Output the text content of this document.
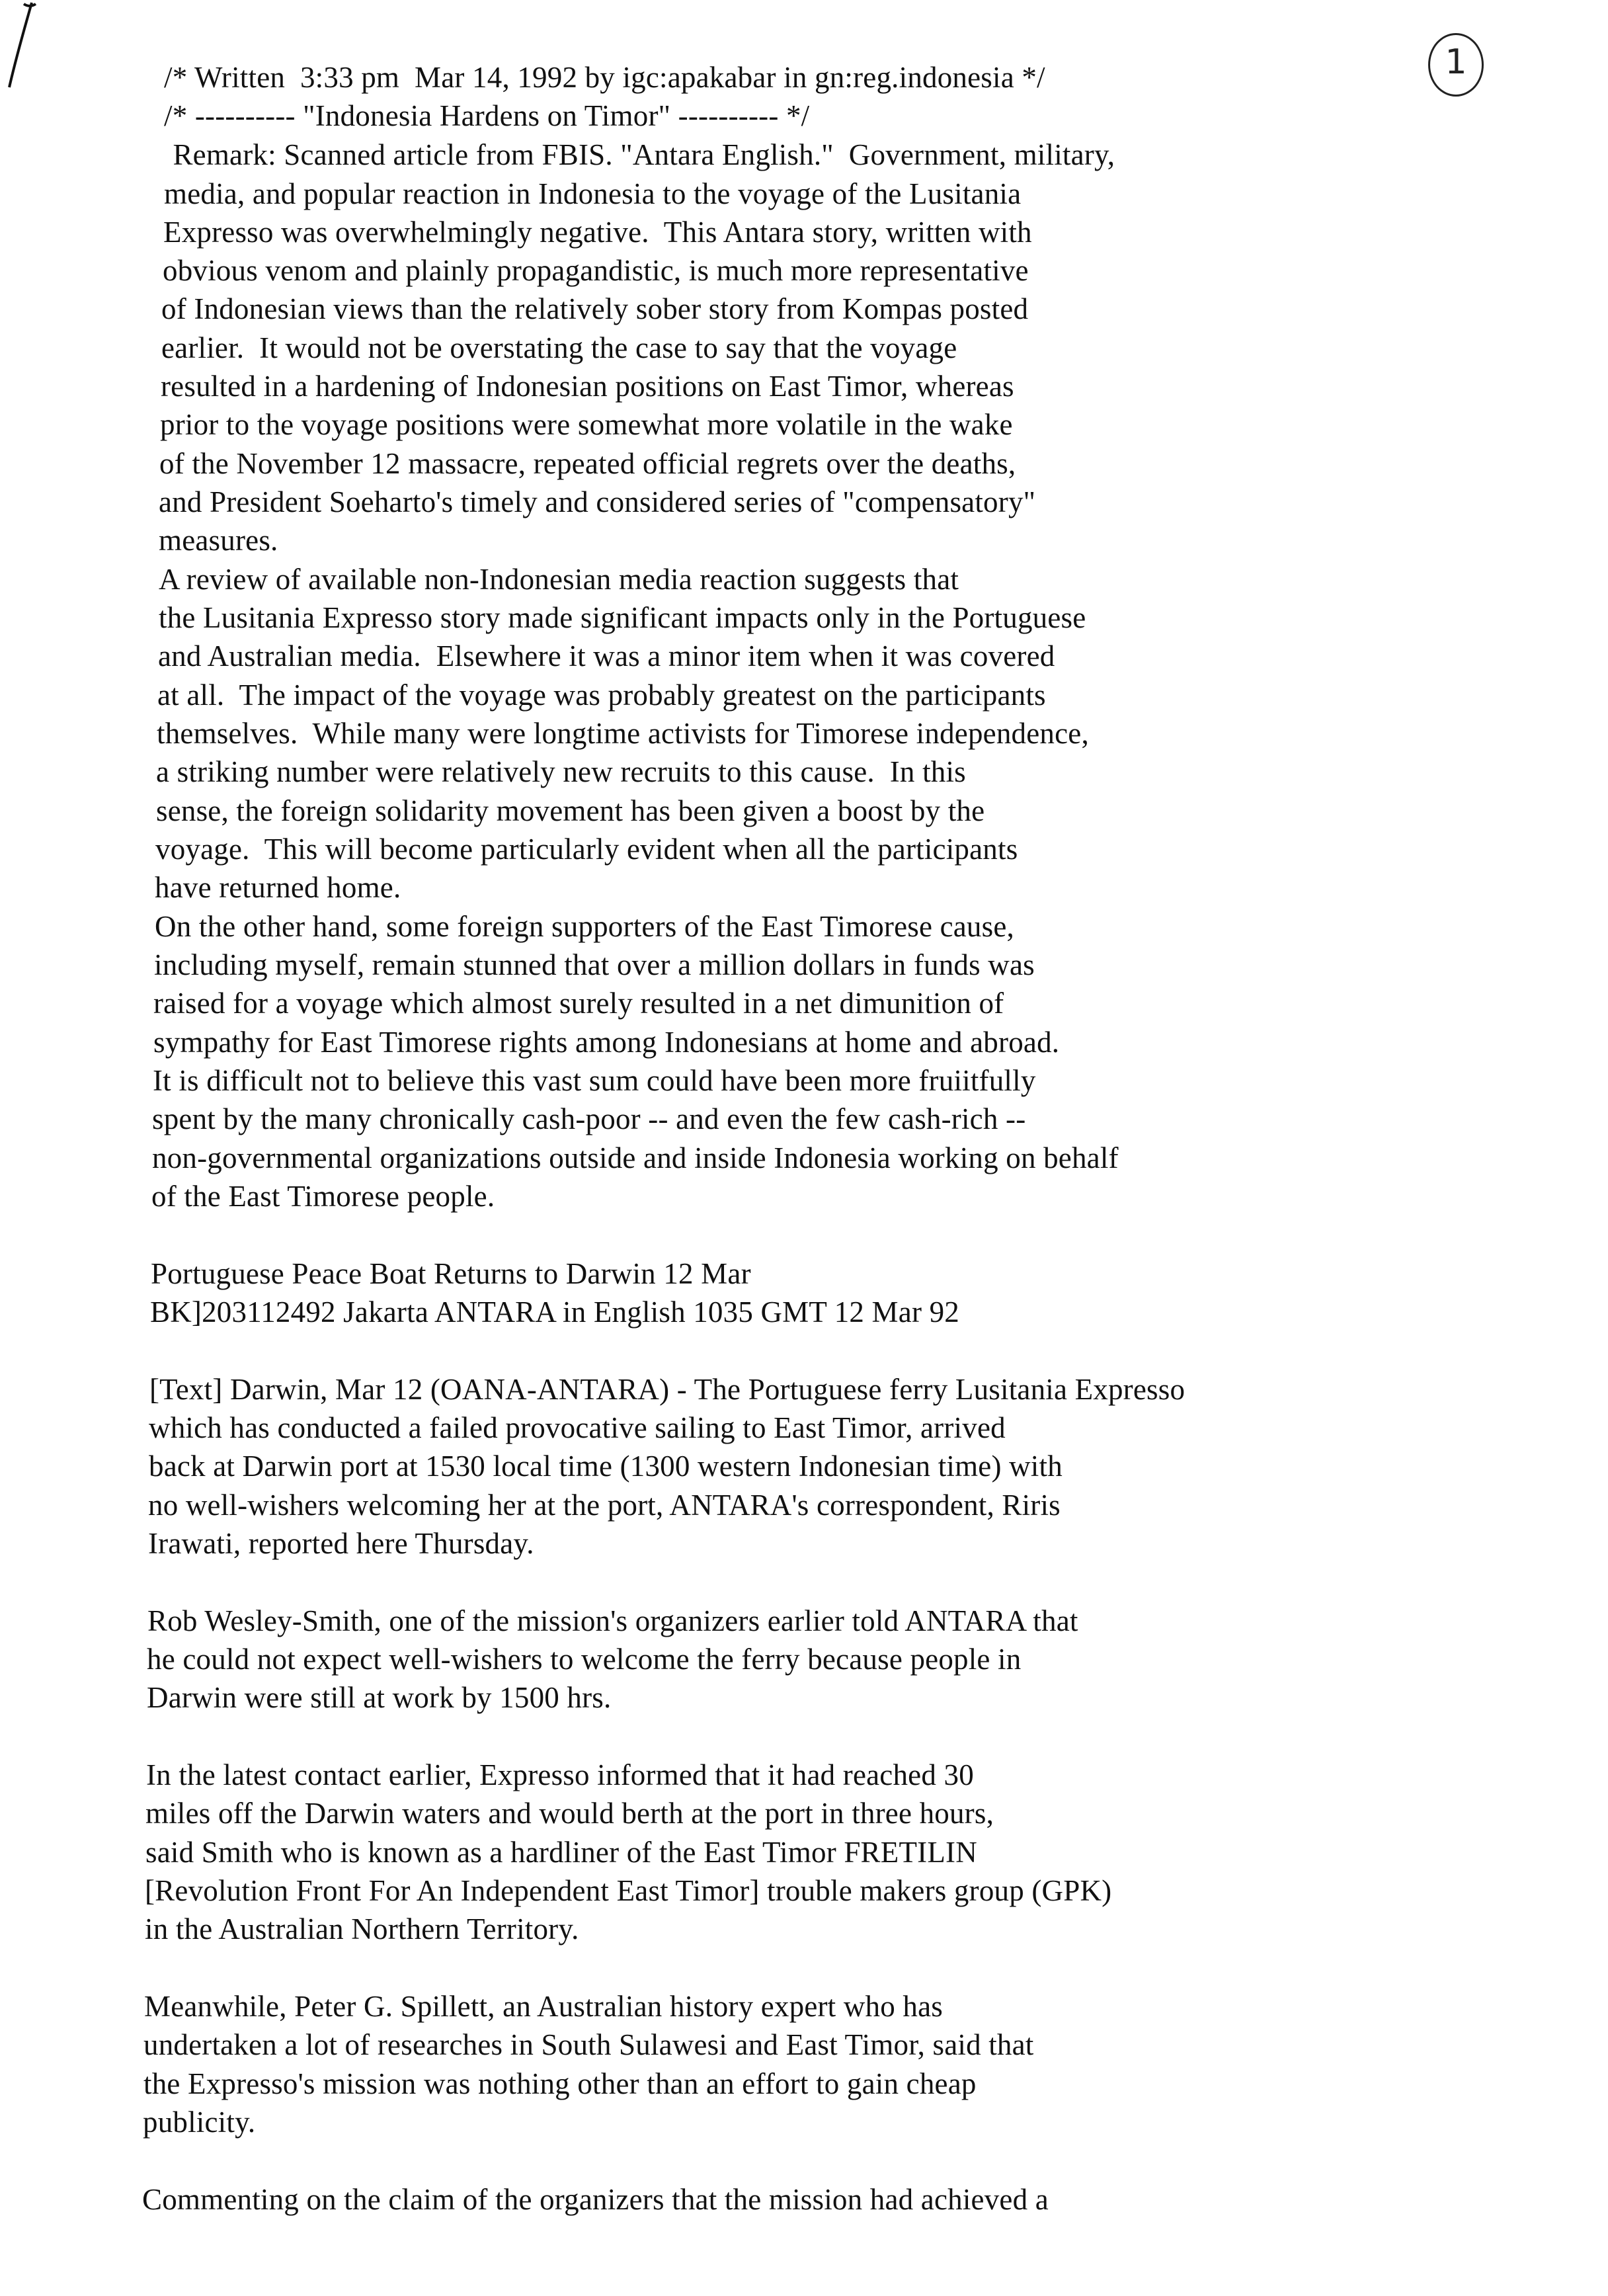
1
/* Written  3:33 pm  Mar 14, 1992 by igc:apakabar in gn:reg.indonesia */
/* ---------- "Indonesia Hardens on Timor" ---------- */
Remark: Scanned article from FBIS. "Antara English."  Government, military,
media, and popular reaction in Indonesia to the voyage of the Lusitania
Expresso was overwhelmingly negative.  This Antara story, written with
obvious venom and plainly propagandistic, is much more representative
of Indonesian views than the relatively sober story from Kompas posted
earlier.  It would not be overstating the case to say that the voyage
resulted in a hardening of Indonesian positions on East Timor, whereas
prior to the voyage positions were somewhat more volatile in the wake
of the November 12 massacre, repeated official regrets over the deaths,
and President Soeharto's timely and considered series of "compensatory"
measures.
A review of available non-Indonesian media reaction suggests that
the Lusitania Expresso story made significant impacts only in the Portuguese
and Australian media.  Elsewhere it was a minor item when it was covered
at all.  The impact of the voyage was probably greatest on the participants
themselves.  While many were longtime activists for Timorese independence,
a striking number were relatively new recruits to this cause.  In this
sense, the foreign solidarity movement has been given a boost by the
voyage.  This will become particularly evident when all the participants
have returned home.
On the other hand, some foreign supporters of the East Timorese cause,
including myself, remain stunned that over a million dollars in funds was
raised for a voyage which almost surely resulted in a net dimunition of
sympathy for East Timorese rights among Indonesians at home and abroad.
It is difficult not to believe this vast sum could have been more fruiitfully
spent by the many chronically cash-poor -- and even the few cash-rich --
non-governmental organizations outside and inside Indonesia working on behalf
of the East Timorese people.
Portuguese Peace Boat Returns to Darwin 12 Mar
BK]203112492 Jakarta ANTARA in English 1035 GMT 12 Mar 92
[Text] Darwin, Mar 12 (OANA-ANTARA) - The Portuguese ferry Lusitania Expresso
which has conducted a failed provocative sailing to East Timor, arrived
back at Darwin port at 1530 local time (1300 western Indonesian time) with
no well-wishers welcoming her at the port, ANTARA's correspondent, Riris
Irawati, reported here Thursday.
Rob Wesley-Smith, one of the mission's organizers earlier told ANTARA that
he could not expect well-wishers to welcome the ferry because people in
Darwin were still at work by 1500 hrs.
In the latest contact earlier, Expresso informed that it had reached 30
miles off the Darwin waters and would berth at the port in three hours,
said Smith who is known as a hardliner of the East Timor FRETILIN
[Revolution Front For An Independent East Timor] trouble makers group (GPK)
in the Australian Northern Territory.
Meanwhile, Peter G. Spillett, an Australian history expert who has
undertaken a lot of researches in South Sulawesi and East Timor, said that
the Expresso's mission was nothing other than an effort to gain cheap
publicity.
Commenting on the claim of the organizers that the mission had achieved a
